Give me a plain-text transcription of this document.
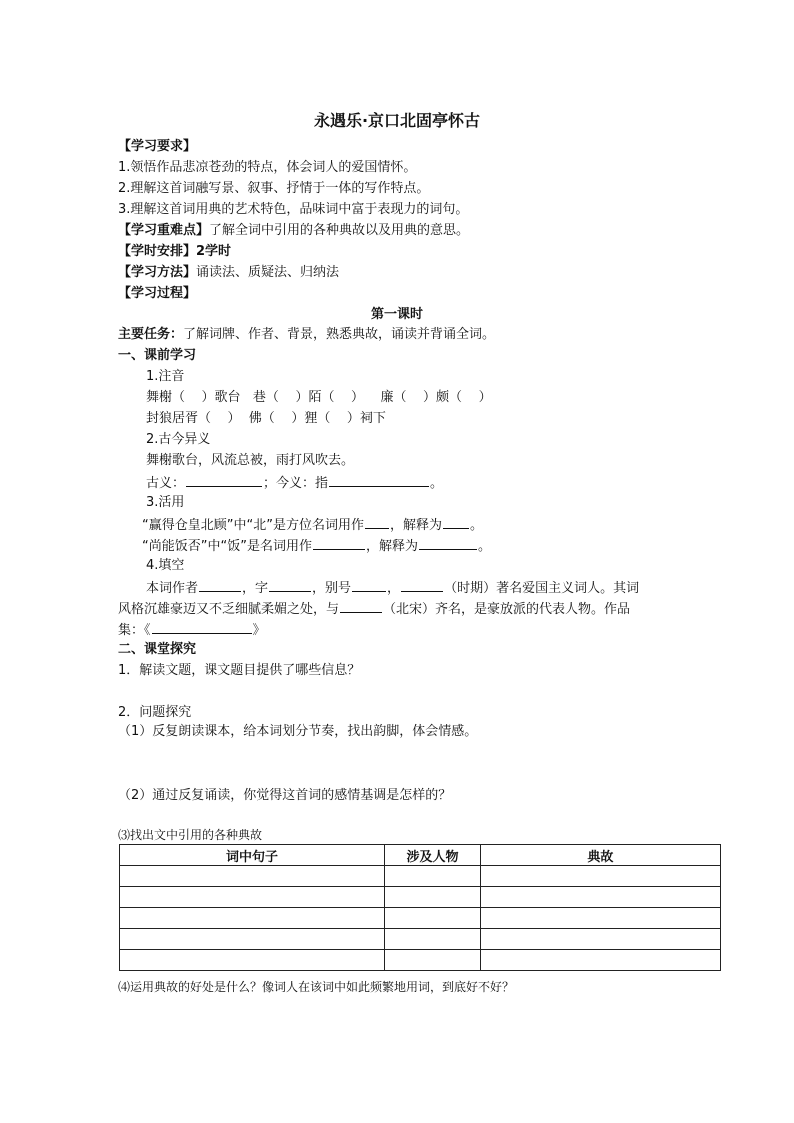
永遇乐·京口北固亭怀古
【学习要求】
1.领悟作品悲凉苍劲的特点，体会词人的爱国情怀。
2.理解这首词融写景、叙事、抒情于一体的写作特点。
3.理解这首词用典的艺术特色，品味词中富于表现力的词句。
【学习重难点】了解全词中引用的各种典故以及用典的意思。
【学时安排】2学时
【学习方法】诵读法、质疑法、归纳法
【学习过程】
第一课时
主要任务：了解词牌、作者、背景，熟悉典故，诵读并背诵全词。
一、课前学习
1.注音
舞榭（    ）歌台   巷（    ）陌（    ）    廉（    ）颇（    ）
封狼居胥（    ）  佛（    ）狸（    ）祠下
2.古今异义
舞榭歌台，风流总被，雨打风吹去。
古义：	；今义：指	。
3.活用
“赢得仓皇北顾”中“北”是方位名词用作 ，解释为 。
“尚能饭否”中“饭”是名词用作	，解释为	。
4.填空
本词作者	，字	，别号	，	（时期）著名爱国主义词人。其词
风格沉雄豪迈又不乏细腻柔媚之处，与	（北宋）齐名，是豪放派的代表人物。作品
集：《	》
二、课堂探究
1．解读文题，课文题目提供了哪些信息？
2．问题探究
（1）反复朗读课本，给本词划分节奏，找出韵脚，体会情感。
（2）通过反复诵读，你觉得这首词的感情基调是怎样的？
⑶找出文中引用的各种典故
词中句子	涉及人物	典故

⑷运用典故的好处是什么？像词人在该词中如此频繁地用词，到底好不好？
